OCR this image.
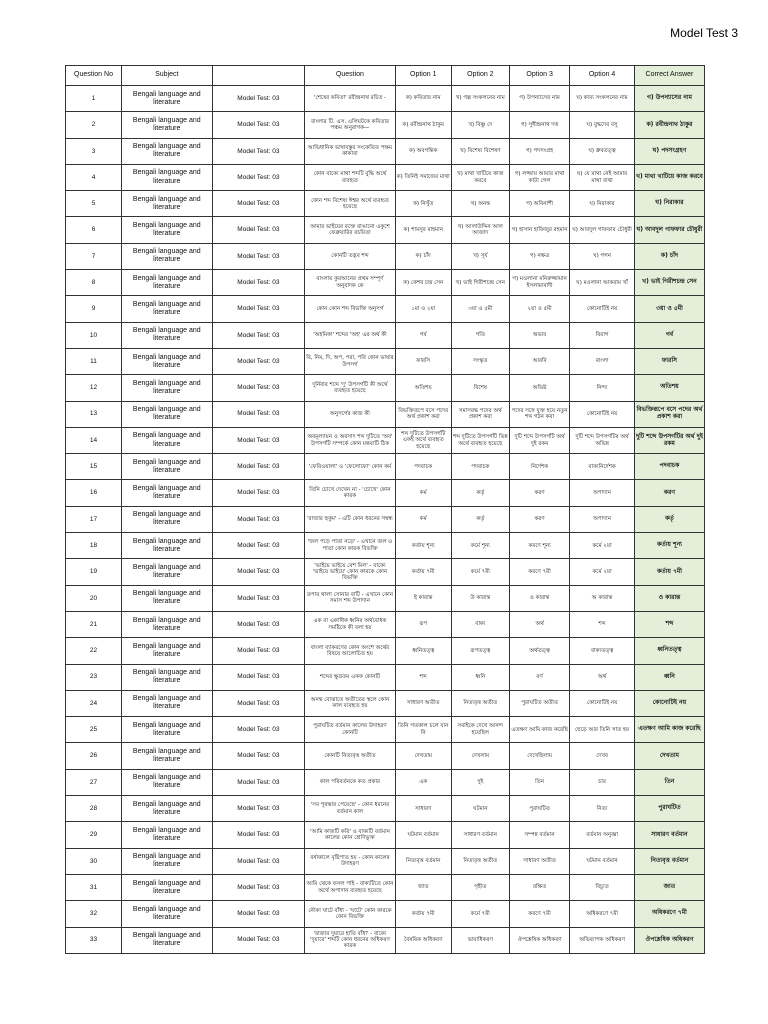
Model Test 3
Question No	Subject		Question	Option 1	Option 2	Option 3	Option 4	Correct Answer
1	Bengali language and literature	Model Test: 03	'শেষের কবিতা' রবীন্দ্রনাথ রচিত -	ক) কবিতার নাম	খ) গল্প সংকলনের নাম	গ) উপন্যাসের নাম	ঘ) কাব্য সংকলনের নাম	গ) উপন্যাসের নাম
2	Bengali language and literature	Model Test: 03	বাংলার টি. এস. এলিয়টকে কবিতার পঞ্চম অনুরাগক—	ক) রবীন্দ্রনাথ ঠাকুর	খ) বিষ্ণু দে	গ) সুধীন্দ্রনাথ দত্ত	ঘ) বুদ্ধদেব বসু	ক) রবীন্দ্রনাথ ঠাকুর
3	Bengali language and literature	Model Test: 03	আভিধানিক ভাষাবস্তুর সংকেতিত পক্ষম কাকাবা	ক) অবগন্তিক	খ) বিশেষ্য বিশেষণ	গ) পদসংগ্রহ	ঘ) ধ্রুবতত্ত্ব	ঘ) পদসংগ্রহণ
4	Bengali language and literature	Model Test: 03	কোন বাক্যে মাথা শব্দটি বুদ্ধি অর্থে ব্যবহৃত	ক) তিনিই সমাজের মাথা	খ) মাথা খাটিয়ে কাজ করবে	গ) লজ্জায় আমার মাথা কাটা গেল	ঘ) যে মাথা নেই আমার মাথা ব্যথা	খ) মাথা খাটিয়ে কাজ করবে
5	Bengali language and literature	Model Test: 03	কোন শব্দ বিশেষ্য ঈশ্বর অর্থে ব্যবহৃত হয়েছে	ক) নিখুঁত	খ) অনন্ত	গ) অবিনাশী	ঘ) নিরাকার	ঘ) নিরাকার
6	Bengali language and literature	Model Test: 03	আমার ভাইয়ের রক্তে রাঙানো একুশে ফেব্রুয়ারির রচয়িতা	ক) শামসুর রাহমান	খ) আলাউদ্দিন আল আজাদ	গ) হাসান হাফিজুর রহমান	ঘ) আবদুল গাফফার চৌধুরী	ঘ) আবদুল গাফফার চৌধুরী
7	Bengali language and literature	Model Test: 03	কোনটি তদ্ভব শব্দ	ক) চাঁদ	খ) সূর্য	গ) নক্ষত্র	ঘ) গগন	ক) চাঁদ
8	Bengali language and literature	Model Test: 03	বাংলায় কুরআনের প্রথম সম্পূর্ণ অনুবাদক কে	ক) কেশব চন্দ্র সেন	খ) ভাই গিরীশচন্দ্র সেন	গ) মওলানা মনিরুজ্জামান ইসলামাবাদী	ঘ) মওলানা আকরাম খাঁ	খ) ভাই গিরীশচন্দ্র সেন
9	Bengali language and literature	Model Test: 03	কোন কোন শব্দ বিভক্তি অনুসর্গ	১মা ও ২য়া	৩য়া ও ৫মী	২য়া ও ৫মী	কোনোটিই নয়	৩য়া ও ৫মী
10	Bengali language and literature	Model Test: 03	'অহমিকা' শব্দের 'অহ' এর অর্থ কী	গর্ব	গতি	অভাব	বিরাগ	গর্ব
11	Bengali language and literature	Model Test: 03	বি, নিম, দি, অপ, পরা, পরি কোন ভাষার উপসর্গ	ফারসি	সংস্কৃত	আরবি	বাংলা	ফারসি
12	Bengali language and literature	Model Test: 03	দুর্নিবার শব্দে 'দু' উপসর্গটি কী অর্থে ব্যবহৃত হয়েছে	অতিশয়	বিশেষ	অভিষ্ট	নিন্দ্য	অতিশয়
13	Bengali language and literature	Model Test: 03	অনুসর্গের কাজ কী	বিভক্তিরূপে বসে পদের অর্থ প্রকাশ করা	সমাসবদ্ধ পদের অর্থ প্রকাশ করা	পদের সঙ্গে যুক্ত হয়ে নতুন শব্দ গঠন করা	কোনোটিই নয়	বিভক্তিরূপে বসে পদের অর্থ প্রকাশ করা
14	Bengali language and literature	Model Test: 03	অবমূল্যায়ন ও অবসাদ শব্দ দুটিতে 'অব' উপসর্গটি সম্পর্কে কোন মন্তব্যটি ঠিক	শব্দ দুটিতে উপসর্গটি একই অর্থে ব্যবহৃত হয়েছে	শব্দ দুটিতে উপসর্গটি ভিন্ন অর্থে ব্যবহৃত হয়েছে	দুটি শব্দে উপসর্গটি অর্থ দুই রকম	দুটি শব্দে উপসর্গটির অর্থ অভিন্ন	দুটি শব্দে উপসর্গটির অর্থ দুই রকম
15	Bengali language and literature	Model Test: 03	'ফেরিওয়ালা' ও 'ফেলোফো' কোন কর্ম	পদবাচক	পদবাচক	নির্দেশক	বাক্যনির্দেশক	পদবাচক
16	Bengali language and literature	Model Test: 03	তিনি চোখে দেখেন না - 'চোখে' কোন কারক	কর্ম	কর্তৃ	করণ	অপাদান	করণ
17	Bengali language and literature	Model Test: 03	'রাজার হুকুম' - এটি কোন ধরনের সম্বন্ধ	কর্ম	কর্তৃ	করণ	অপাদান	কর্তৃ
18	Bengali language and literature	Model Test: 03	'জল পড়ে পাতা নড়ে' - এখানে জল ও পাতা কোন কারক বিভক্তি	কর্তায় শূন্য	কর্মে শূন্য	করণে শূন্য	কর্মে ২য়া	কর্তায় শূন্য
19	Bengali language and literature	Model Test: 03	'ভাইয়ে ভাইয়ে বেশ মিল' - বাক্যে 'ভাইয়ে ভাইয়ে' কোন কারকে কোন বিভক্তি	কর্তায় ৭মী	কর্মে ৭মী	করণে ৭মী	কর্মে ২য়া	কর্তায় ৭মী
20	Bengali language and literature	Model Test: 03	রূপার থালা সোনার বাটি - এখানে কোন সমাস শব্দ উপাদান	ই কারান্ত	উ কারান্ত	ও কারান্ত	অ কারান্ত	ও কারান্ত
21	Bengali language and literature	Model Test: 03	এক বা একাধিক ধ্বনির অর্থবোধক সমষ্টিকে কী বলা হয়	রূপ	বাক্য	অর্থ	শব্দ	শব্দ
22	Bengali language and literature	Model Test: 03	বাংলা ব্যাকরণের কোন অংশে অর্থের বিষয়ে আলোচিত হয়	ধ্বনিতত্ত্ব	রূপতত্ত্ব	অর্থতত্ত্ব	বাক্যতত্ত্ব	ধ্বনিতত্ত্ব
23	Bengali language and literature	Model Test: 03	শব্দের ক্ষুদ্রতম একক কোনটি	শব্দ	ধ্বনি	বর্ণ	অর্থ	ধ্বনি
24	Bengali language and literature	Model Test: 03	অনন্ত বোঝাতে অতীতের স্থলে কোন কাল ব্যবহৃত হয়	সাধারণ অতীত	নিত্যবৃত্ত অতীত	পুরাঘটিত অতীত	কোনোটিই নয়	কোনোটিই নয়
25	Bengali language and literature	Model Test: 03	পুরাঘটিত বর্তমান কালের উদাহরণ কোনটি	তিনি গতকাল চলে যান নি	সবাইকে দেখে আনন্দ হয়েছিল	এতক্ষণ আমি কাজ করেছি	ছেড়ে আর তিনি সাত হয়	এতক্ষণ আমি কাজ করেছি
26	Bengali language and literature	Model Test: 03	কোনটি নিত্যবৃত্ত অতীত	দেখতাম	দেখলাম	দেখেছিলাম	দেখব	দেখতাম
27	Bengali language and literature	Model Test: 03	কাল পরিবর্তনকে কত প্রকার	এক	দুই	তিন	চার	তিন
28	Bengali language and literature	Model Test: 03	'সব পুরস্কার পেয়েছে' - কোন ধরনের বর্তমান কাল	সাধারণ	ঘটমান	পুরাঘটিত	নিত্য	পুরাঘটিত
29	Bengali language and literature	Model Test: 03	'আমি কাজটি করি' ও বাক্যটি বর্তমান কালের কোন শ্রেণিভুক্ত	ঘটমান বর্তমান	সাধারণ বর্তমান	সম্পন্ন বর্তমান	বর্তমান অনুজ্ঞা	সাধারণ বর্তমান
30	Bengali language and literature	Model Test: 03	বর্ষাকালে বৃষ্টিপাত হয় - কোন কালের উদাহরণ	নিত্যবৃত্ত বর্তমান	নিত্যবৃত্ত অতীত	সাধারণ অতীত	ঘটমান বর্তমান	নিত্যবৃত্ত বর্তমান
31	Bengali language and literature	Model Test: 03	আমি থেকে ফসল পাই - বাক্যটিতে কোন অর্থে অপাদান ব্যবহৃত হয়েছে	জাত	গৃহীত	রক্ষিত	বিচ্যুত	জাত
32	Bengali language and literature	Model Test: 03	নৌকা ঘাটে বাঁধা - 'ঘাটে' কোন কারকে কোন বিভক্তি	কর্তায় ৭মী	কর্মে ৭মী	করণে ৭মী	অধিকরণে ৭মী	অধিকরণে ৭মী
33	Bengali language and literature	Model Test: 03	'রাজার দুয়ারে হাতি বাঁধা' - বাক্যে 'দুয়ারে' শব্দটি কোন ধরনের অধিকরণ কারক	বৈষয়িক অধিকরণ	ভাবাধিকরণ	ঔপশ্লেষিক অধিকরণ	অভিব্যাপক অধিকরণ	ঔপশ্লেষিক অধিকরণ
